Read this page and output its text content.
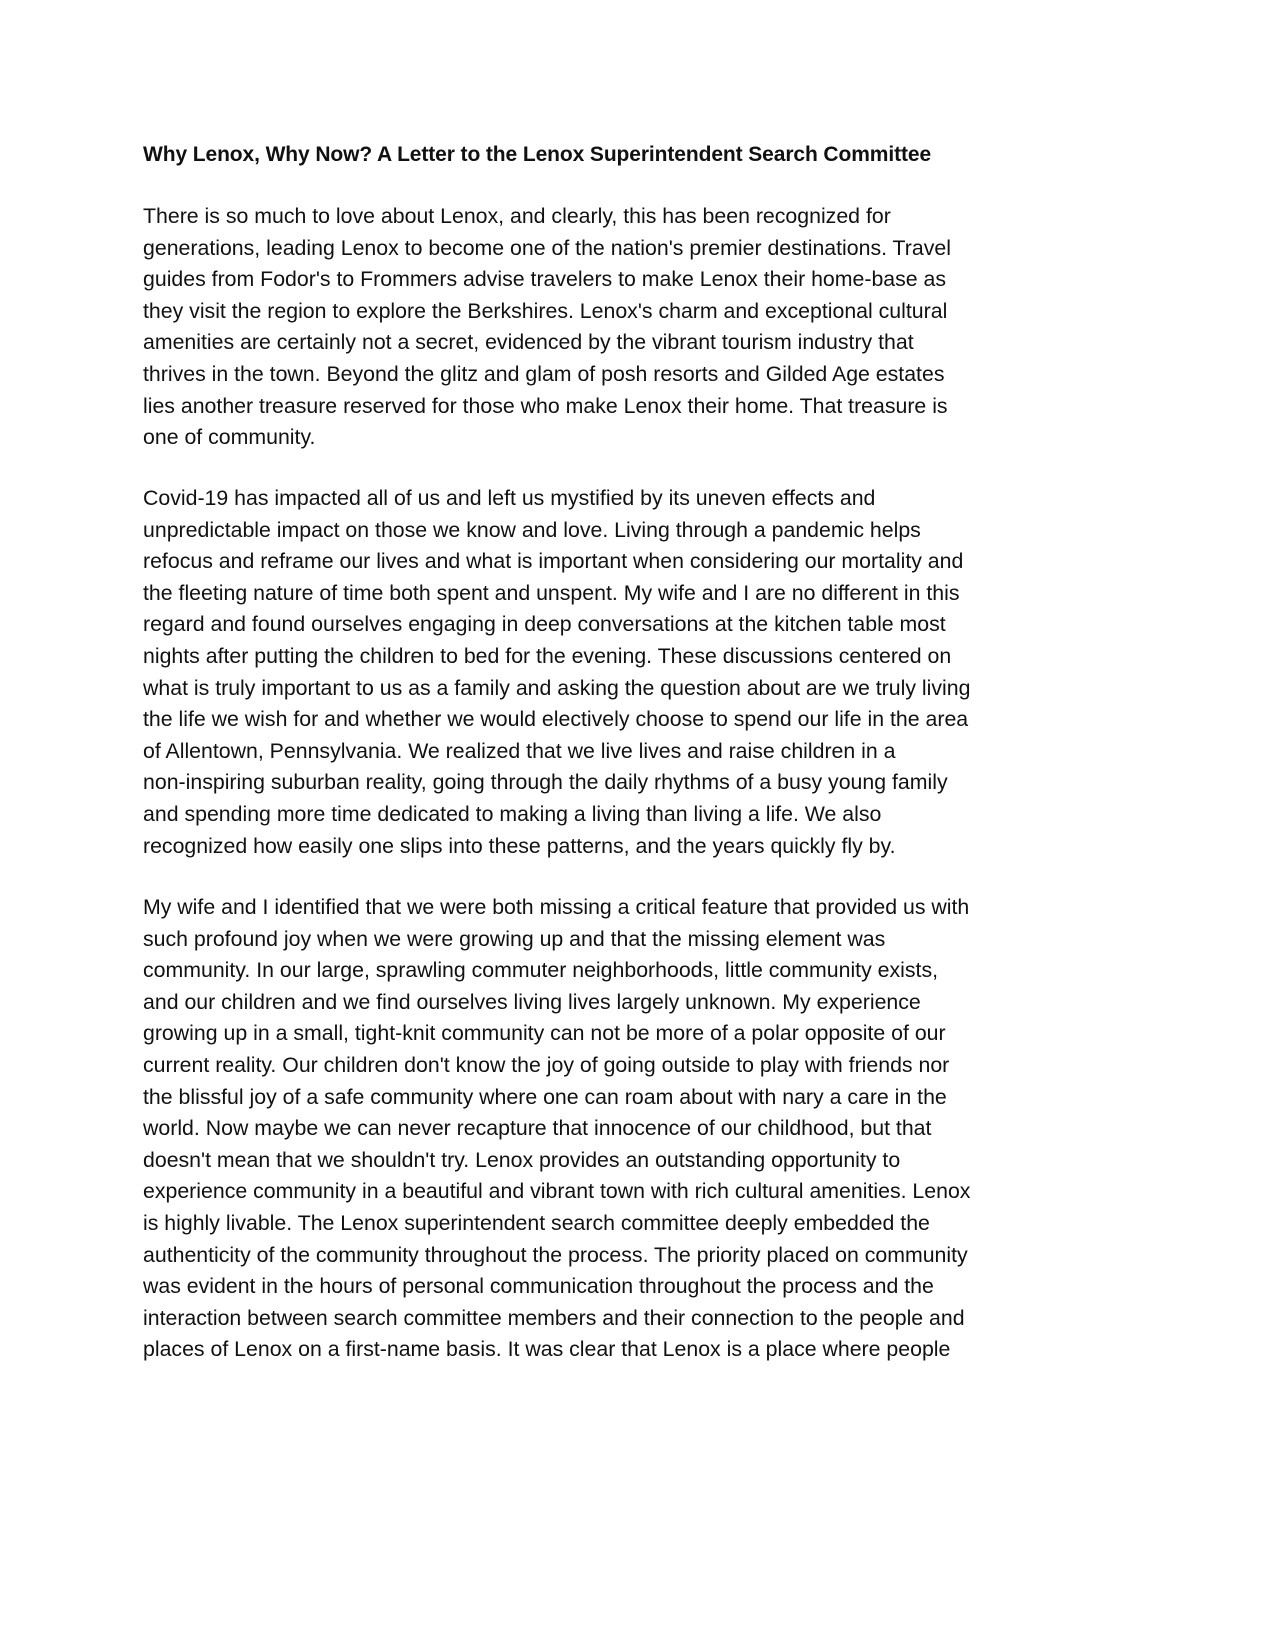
Why Lenox, Why Now? A Letter to the Lenox Superintendent Search Committee
There is so much to love about Lenox, and clearly, this has been recognized for
generations, leading Lenox to become one of the nation's premier destinations. Travel
guides from Fodor's to Frommers advise travelers to make Lenox their home-base as
they visit the region to explore the Berkshires. Lenox's charm and exceptional cultural
amenities are certainly not a secret, evidenced by the vibrant tourism industry that
thrives in the town. Beyond the glitz and glam of posh resorts and Gilded Age estates
lies another treasure reserved for those who make Lenox their home. That treasure is
one of community.
Covid-19 has impacted all of us and left us mystified by its uneven effects and
unpredictable impact on those we know and love. Living through a pandemic helps
refocus and reframe our lives and what is important when considering our mortality and
the fleeting nature of time both spent and unspent. My wife and I are no different in this
regard and found ourselves engaging in deep conversations at the kitchen table most
nights after putting the children to bed for the evening. These discussions centered on
what is truly important to us as a family and asking the question about are we truly living
the life we wish for and whether we would electively choose to spend our life in the area
of Allentown, Pennsylvania. We realized that we live lives and raise children in a
non-inspiring suburban reality, going through the daily rhythms of a busy young family
and spending more time dedicated to making a living than living a life. We also
recognized how easily one slips into these patterns, and the years quickly fly by.
My wife and I identified that we were both missing a critical feature that provided us with
such profound joy when we were growing up and that the missing element was
community. In our large, sprawling commuter neighborhoods, little community exists,
and our children and we find ourselves living lives largely unknown. My experience
growing up in a small, tight-knit community can not be more of a polar opposite of our
current reality. Our children don't know the joy of going outside to play with friends nor
the blissful joy of a safe community where one can roam about with nary a care in the
world. Now maybe we can never recapture that innocence of our childhood, but that
doesn't mean that we shouldn't try. Lenox provides an outstanding opportunity to
experience community in a beautiful and vibrant town with rich cultural amenities. Lenox
is highly livable. The Lenox superintendent search committee deeply embedded the
authenticity of the community throughout the process. The priority placed on community
was evident in the hours of personal communication throughout the process and the
interaction between search committee members and their connection to the people and
places of Lenox on a first-name basis. It was clear that Lenox is a place where people
